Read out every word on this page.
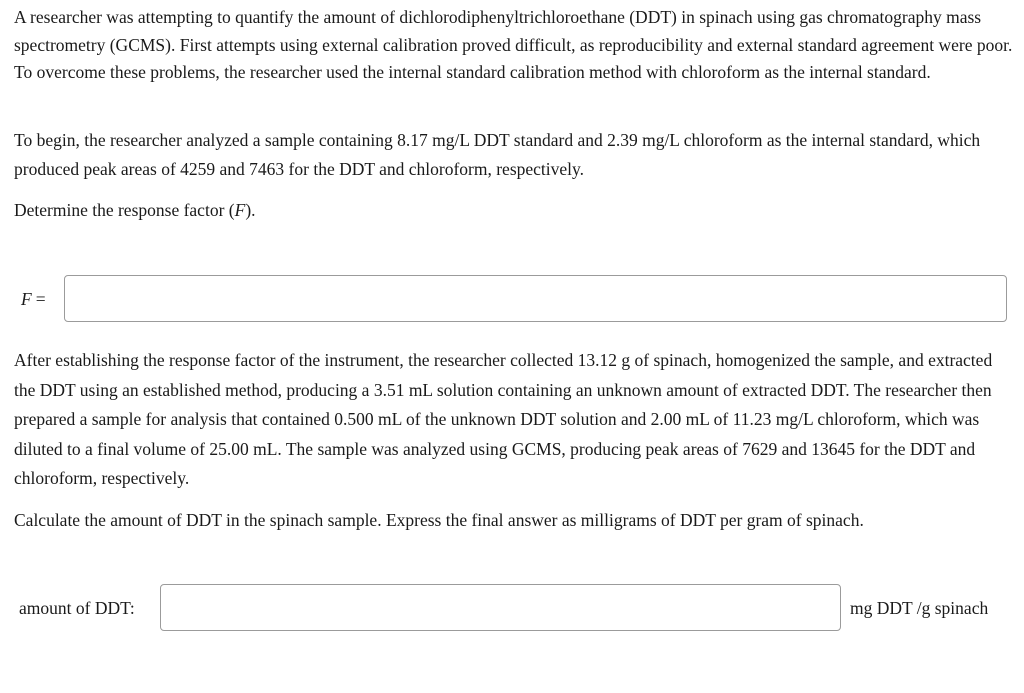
A researcher was attempting to quantify the amount of dichlorodiphenyltrichloroethane (DDT) in spinach using gas chromatography mass spectrometry (GCMS). First attempts using external calibration proved difficult, as reproducibility and external standard agreement were poor. To overcome these problems, the researcher used the internal standard calibration method with chloroform as the internal standard.

To begin, the researcher analyzed a sample containing 8.17 mg/L DDT standard and 2.39 mg/L chloroform as the internal standard, which produced peak areas of 4259 and 7463 for the DDT and chloroform, respectively.

Determine the response factor (F).

F =

After establishing the response factor of the instrument, the researcher collected 13.12 g of spinach, homogenized the sample, and extracted the DDT using an established method, producing a 3.51 mL solution containing an unknown amount of extracted DDT. The researcher then prepared a sample for analysis that contained 0.500 mL of the unknown DDT solution and 2.00 mL of 11.23 mg/L chloroform, which was diluted to a final volume of 25.00 mL. The sample was analyzed using GCMS, producing peak areas of 7629 and 13645 for the DDT and chloroform, respectively.

Calculate the amount of DDT in the spinach sample. Express the final answer as milligrams of DDT per gram of spinach.

amount of DDT:	mg DDT /g spinach
